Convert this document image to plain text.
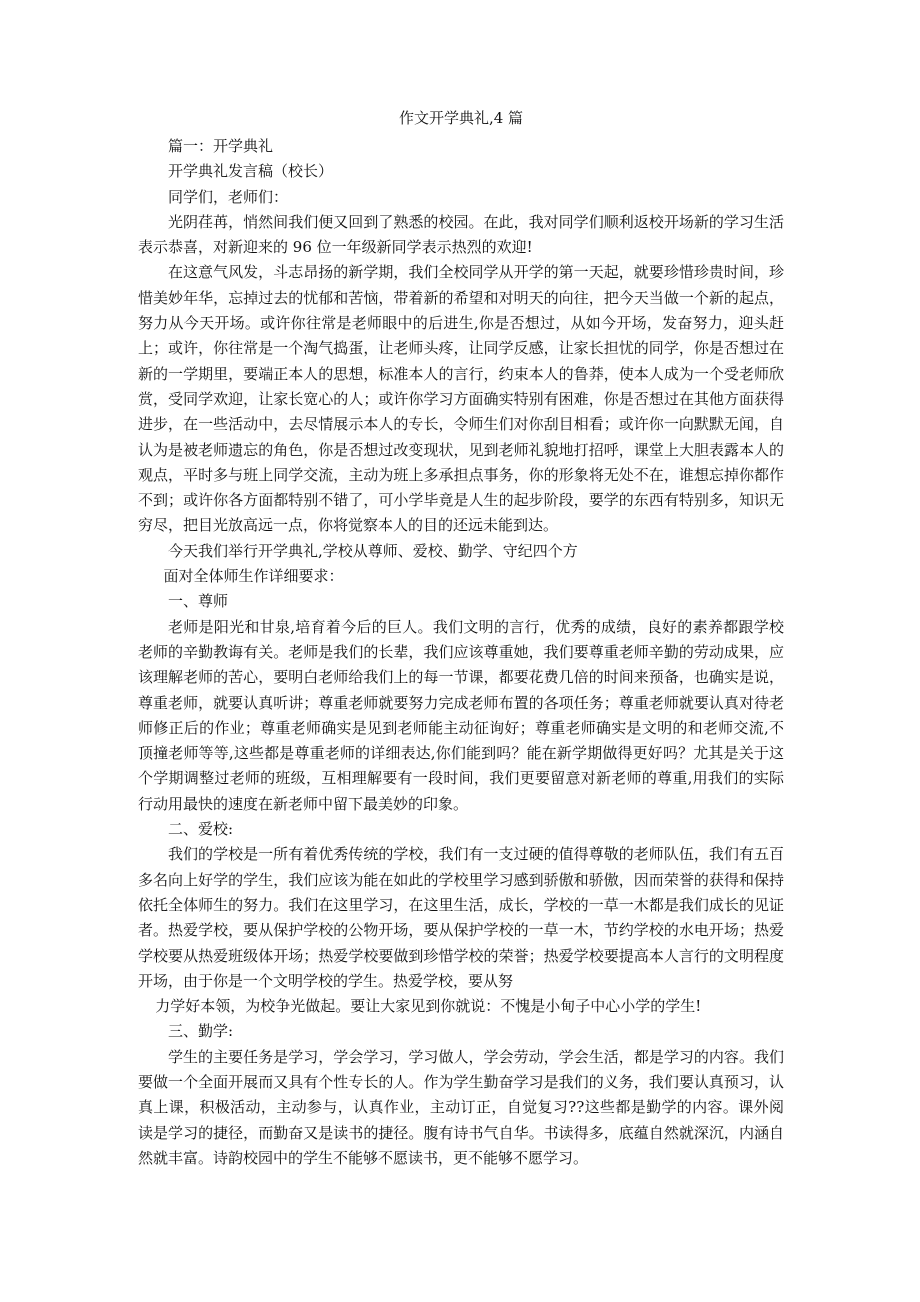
作文开学典礼,4 篇

篇一：开学典礼

开学典礼发言稿（校长）

同学们，老师们：

光阴荏苒，悄然间我们便又回到了熟悉的校园。在此，我对同学们顺利返校开场新的学习生活表示恭喜，对新迎来的 96 位一年级新同学表示热烈的欢迎!

在这意气风发，斗志昂扬的新学期，我们全校同学从开学的第一天起，就要珍惜珍贵时间，珍惜美妙年华，忘掉过去的忧郁和苦恼，带着新的希望和对明天的向往，把今天当做一个新的起点，努力从今天开场。或许你往常是老师眼中的后进生,你是否想过，从如今开场，发奋努力，迎头赶上；或许，你往常是一个淘气捣蛋，让老师头疼，让同学反感，让家长担忧的同学，你是否想过在新的一学期里，要端正本人的思想，标准本人的言行，约束本人的鲁莽，使本人成为一个受老师欣赏，受同学欢迎，让家长宽心的人；或许你学习方面确实特别有困难，你是否想过在其他方面获得进步，在一些活动中，去尽情展示本人的专长，令师生们对你刮目相看；或许你一向默默无闻，自认为是被老师遗忘的角色，你是否想过改变现状，见到老师礼貌地打招呼，课堂上大胆表露本人的观点，平时多与班上同学交流，主动为班上多承担点事务，你的形象将无处不在，谁想忘掉你都作不到；或许你各方面都特别不错了，可小学毕竟是人生的起步阶段，要学的东西有特别多，知识无穷尽，把目光放高远一点，你将觉察本人的目的还远未能到达。

今天我们举行开学典礼,学校从尊师、爱校、勤学、守纪四个方

面对全体师生作详细要求：

一、尊师

老师是阳光和甘泉,培育着今后的巨人。我们文明的言行，优秀的成绩，良好的素养都跟学校老师的辛勤教诲有关。老师是我们的长辈，我们应该尊重她，我们要尊重老师辛勤的劳动成果，应该理解老师的苦心，要明白老师给我们上的每一节课，都要花费几倍的时间来预备，也确实是说，尊重老师，就要认真听讲；尊重老师就要努力完成老师布置的各项任务；尊重老师就要认真对待老师修正后的作业；尊重老师确实是见到老师能主动征询好；尊重老师确实是文明的和老师交流,不顶撞老师等等,这些都是尊重老师的详细表达,你们能到吗？能在新学期做得更好吗？尤其是关于这个学期调整过老师的班级，互相理解要有一段时间，我们更要留意对新老师的尊重,用我们的实际行动用最快的速度在新老师中留下最美妙的印象。

二、爱校:

我们的学校是一所有着优秀传统的学校，我们有一支过硬的值得尊敬的老师队伍，我们有五百多名向上好学的学生，我们应该为能在如此的学校里学习感到骄傲和骄傲，因而荣誉的获得和保持依托全体师生的努力。我们在这里学习，在这里生活，成长，学校的一草一木都是我们成长的见证者。热爱学校，要从保护学校的公物开场，要从保护学校的一草一木，节约学校的水电开场；热爱学校要从热爱班级体开场；热爱学校要做到珍惜学校的荣誉；热爱学校要提高本人言行的文明程度开场，由于你是一个文明学校的学生。热爱学校，要从努

力学好本领，为校争光做起。要让大家见到你就说：不愧是小甸子中心小学的学生!

三、勤学:

学生的主要任务是学习，学会学习，学习做人，学会劳动，学会生活，都是学习的内容。我们要做一个全面开展而又具有个性专长的人。作为学生勤奋学习是我们的义务，我们要认真预习，认真上课，积极活动，主动参与，认真作业，主动订正，自觉复习??这些都是勤学的内容。课外阅读是学习的捷径，而勤奋又是读书的捷径。腹有诗书气自华。书读得多，底蕴自然就深沉，内涵自然就丰富。诗韵校园中的学生不能够不愿读书，更不能够不愿学习。
